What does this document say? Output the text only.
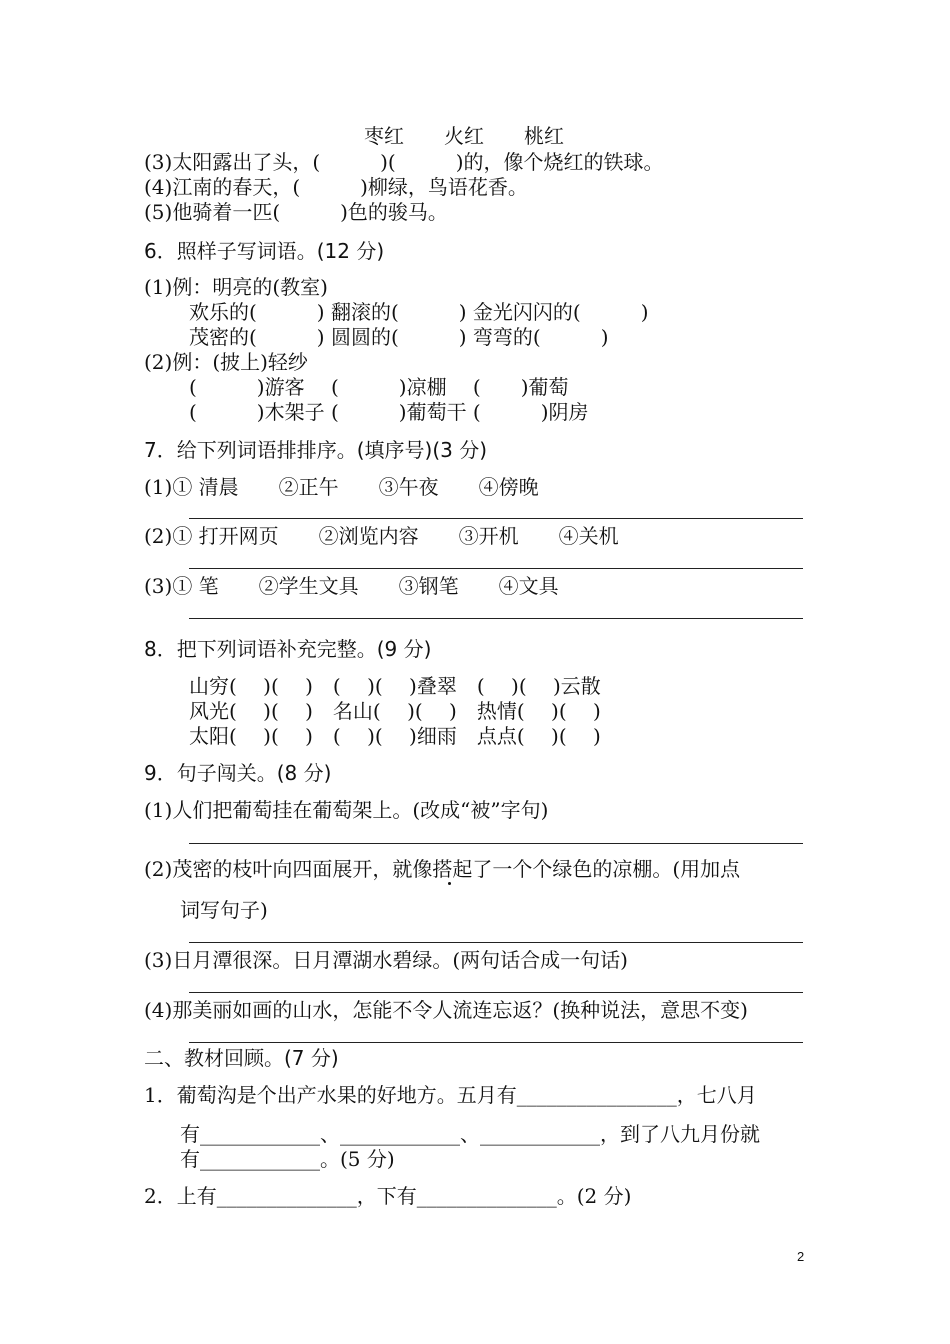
枣红　　火红　　桃红
(3)太阳露出了头，(　　　)(　　　)的，像个烧红的铁球。
(4)江南的春天，(　　　)柳绿，鸟语花香。
(5)他骑着一匹(　　　)色的骏马。
6．照样子写词语。(12 分)
(1)例：明亮的(教室)
欢乐的(　　　) 翻滚的(　　　) 金光闪闪的(　　　)
茂密的(　　　) 圆圆的(　　　) 弯弯的(　　　)
(2)例：(披上)轻纱
(　　　)游客　 (　　　)凉棚　 (　　)葡萄
(　　　)木架子 (　　　)葡萄干 (　　　)阴房
7．给下列词语排排序。(填序号)(3 分)
(1)① 清晨　　②正午　　③午夜　　④傍晚
(2)① 打开网页　　②浏览内容　　③开机　　④关机
(3)① 笔　　②学生文具　　③钢笔　　④文具
8．把下列词语补充完整。(9 分)
山穷(　 )(　 )　(　 )(　 )叠翠　(　 )(　 )云散
风光(　 )(　 )　名山(　 )(　 )　热情(　 )(　 )
太阳(　 )(　 )　(　 )(　 )细雨　点点(　 )(　 )
9．句子闯关。(8 分)
(1)人们把葡萄挂在葡萄架上。(改成“被”字句)
(2)茂密的枝叶向四面展开，就像搭起了一个个绿色的凉棚。(用加点
词写句子)
(3)日月潭很深。日月潭湖水碧绿。(两句话合成一句话)
(4)那美丽如画的山水，怎能不令人流连忘返？(换种说法，意思不变)
二、教材回顾。(7 分)
1．葡萄沟是个出产水果的好地方。五月有________________，七八月
有____________、____________、____________，到了八九月份就
有____________。(5 分)
2．上有______________，下有______________。(2 分)
2
